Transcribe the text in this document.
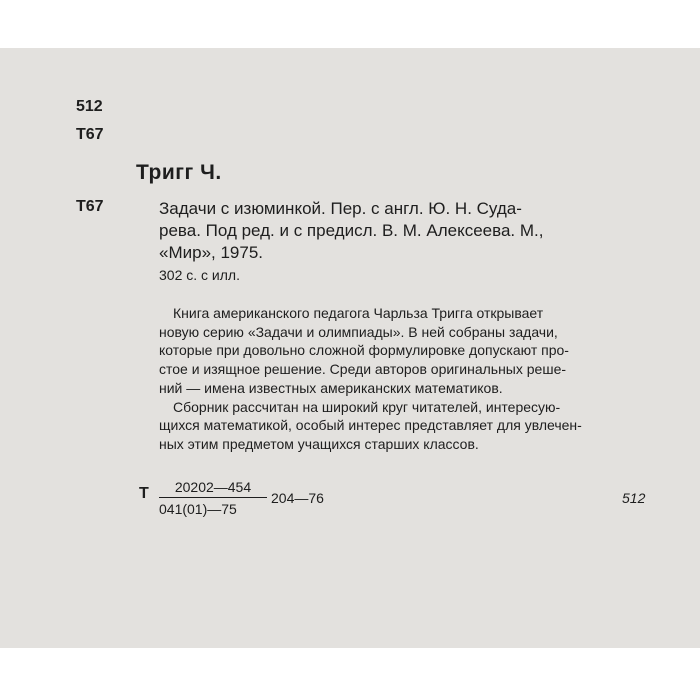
512
Т67
Тригг Ч.
Т67	Задачи с изюминкой. Пер. с англ. Ю. Н. Суда-
рева. Под ред. и с предисл. В. М. Алексеева. М.,
«Мир», 1975.
302 с. с илл.
Книга американского педагога Чарльза Тригга открывает
новую серию «Задачи и олимпиады». В ней собраны задачи,
которые при довольно сложной формулировке допускают про-
стое и изящное решение. Среди авторов оригинальных реше-
ний — имена известных американских математиков.
Сборник рассчитан на широкий круг читателей, интересую-
щихся математикой, особый интерес представляет для увлечен-
ных этим предметом учащихся старших классов.
Т	20202—454
041(01)—75
204—76	512
